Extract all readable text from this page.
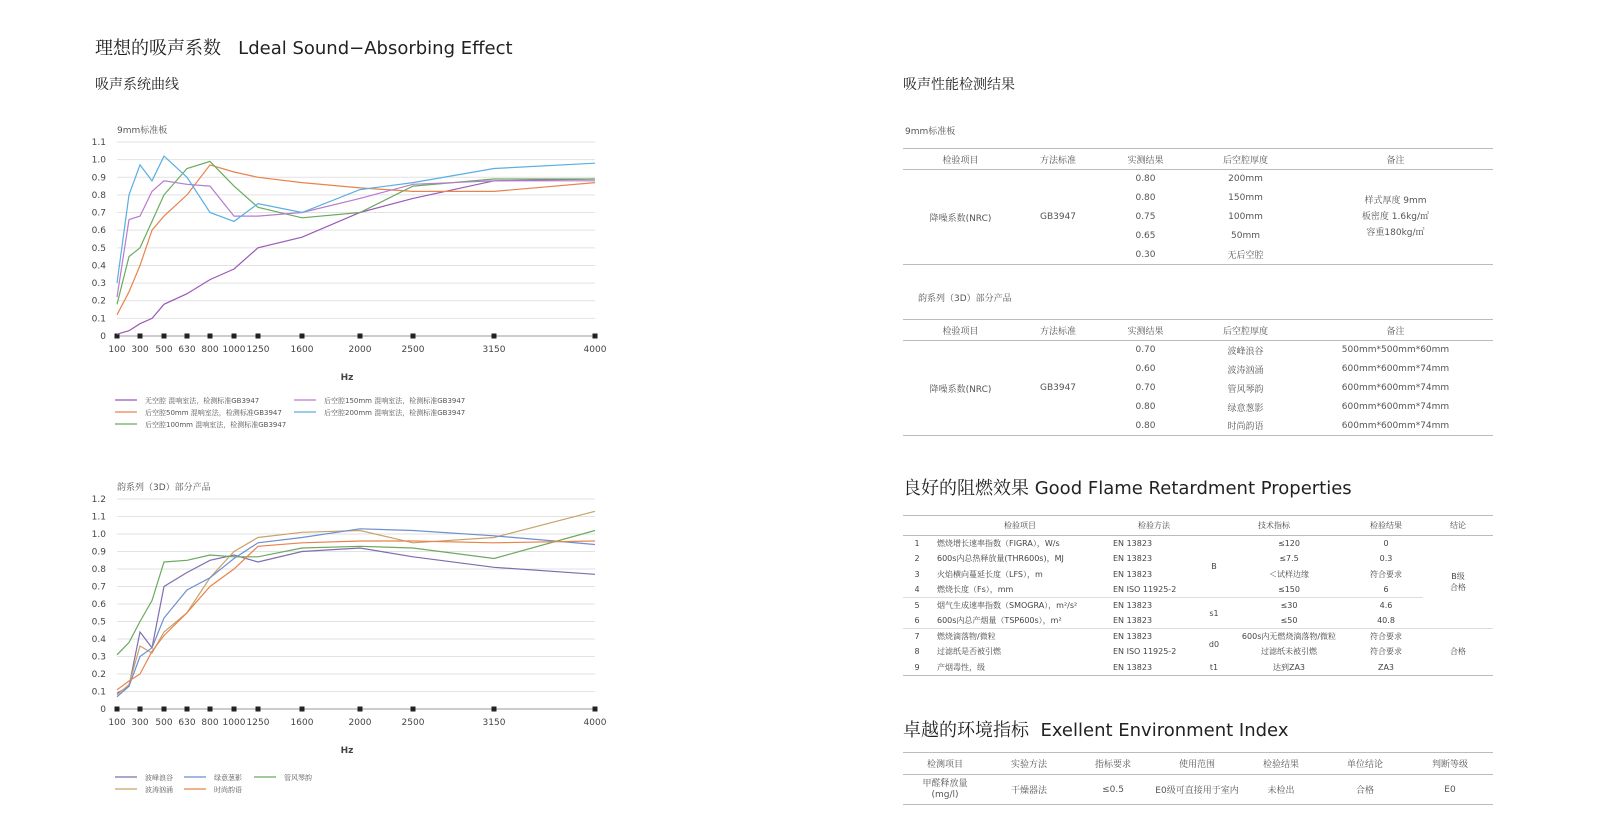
理想的吸声系数 Ldeal Sound−Absorbing Effect
吸声系统曲线	吸声性能检测结果
9mm标准板
0
0.1
0.2
0.3
0.4
0.5
0.6
0.7
0.8
0.9
1.0
1.1
100 300 500 630 800 1000 1250 1600	2000	2500	3150	4000
Hz
无空腔 混响室法，检测标准GB3947	后空腔150mm 混响室法，检测标准GB3947
后空腔50mm 混响室法，检测标准GB3947	后空腔200mm 混响室法，检测标准GB3947
后空腔100mm 混响室法，检测标准GB3947
韵系列（3D）部分产品
0
0.1
0.2
0.3
0.4
0.5
0.6
0.7
0.8
0.9
1.0
1.1
1.2
100 300 500 630 800 1000 1250 1600	2000	2500	3150	4000
Hz
波峰浪谷	绿意葱影	管风琴韵
波涛汹涌	时尚韵语
9mm标准板
检验项目	方法标准	实测结果	后空腔厚度	备注
降噪系数(NRC)	GB3947	0.80	200mm	样式厚度 9mm
板密度 1.6kg/㎡
容重180kg/㎥

		0.80	150mm	
		0.75	100mm	
		0.65	50mm	
		0.30	无后空腔	
韵系列（3D）部分产品
检验项目	方法标准	实测结果	后空腔厚度	备注
降噪系数(NRC)	GB3947	0.70	波峰浪谷	500mm*500mm*60mm
		0.60	波涛汹涌	600mm*600mm*74mm
		0.70	管风琴韵	600mm*600mm*74mm
		0.80	绿意葱影	600mm*600mm*74mm
		0.80	时尚韵语	600mm*600mm*74mm
良好的阻燃效果 Good Flame Retardment Properties
	检验项目	检验方法	技术指标		检验结果	结论
1	燃烧增长速率指数（FIGRA），W/s	EN 13823	B	≤120	0	B级
合格

2	600s内总热释放量(THR600s)，MJ	EN 13823		≤7.5	0.3	
3	火焰横向蔓延长度（LFS），m	EN 13823		＜试样边缘	符合要求	
4	燃烧长度（Fs），mm	EN ISO 11925-2		≤150	6	
5	烟气生成速率指数（SMOGRA），m²/s²	EN 13823	s1	≤30	4.6	
6	600s内总产烟量（TSP600s），m²	EN 13823		≤50	40.8	
7	燃烧滴落物/微粒	EN 13823	d0	600s内无燃烧滴落物/微粒	符合要求	合格
8	过滤纸是否被引燃	EN ISO 11925-2		过滤纸未被引燃	符合要求	
9	产烟毒性，级	EN 13823	t1	达到ZA3	ZA3	
卓越的环境指标 Exellent Environment Index
检测项目	实验方法	指标要求	使用范围	检验结果	单位结论	判断等级

甲醛释放量
(mg/l)	干燥器法	≤0.5	E0级可直接用于室内	未检出	合格	E0
